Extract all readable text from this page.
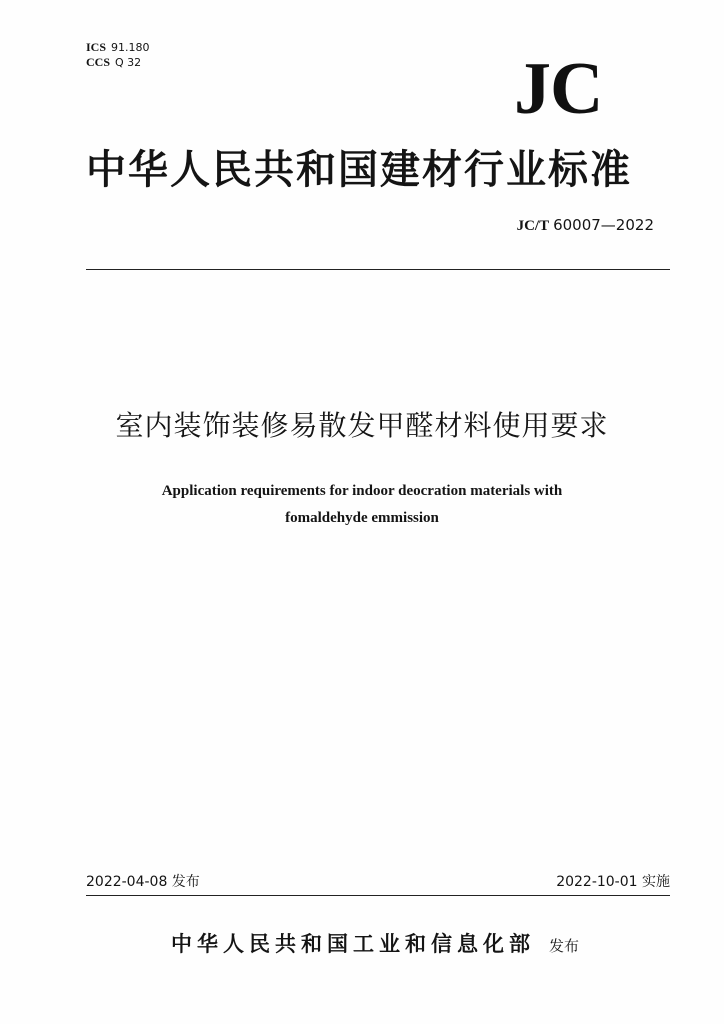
ICS 91.180
CCS Q 32	JC
中华人民共和国建材行业标准
JC/T 60007—2022
室内装饰装修易散发甲醛材料使用要求
Application requirements for indoor deocration materials with
fomaldehyde emmission
2022-04-08 发布	2022-10-01 实施
中华人民共和国工业和信息化部 发布
